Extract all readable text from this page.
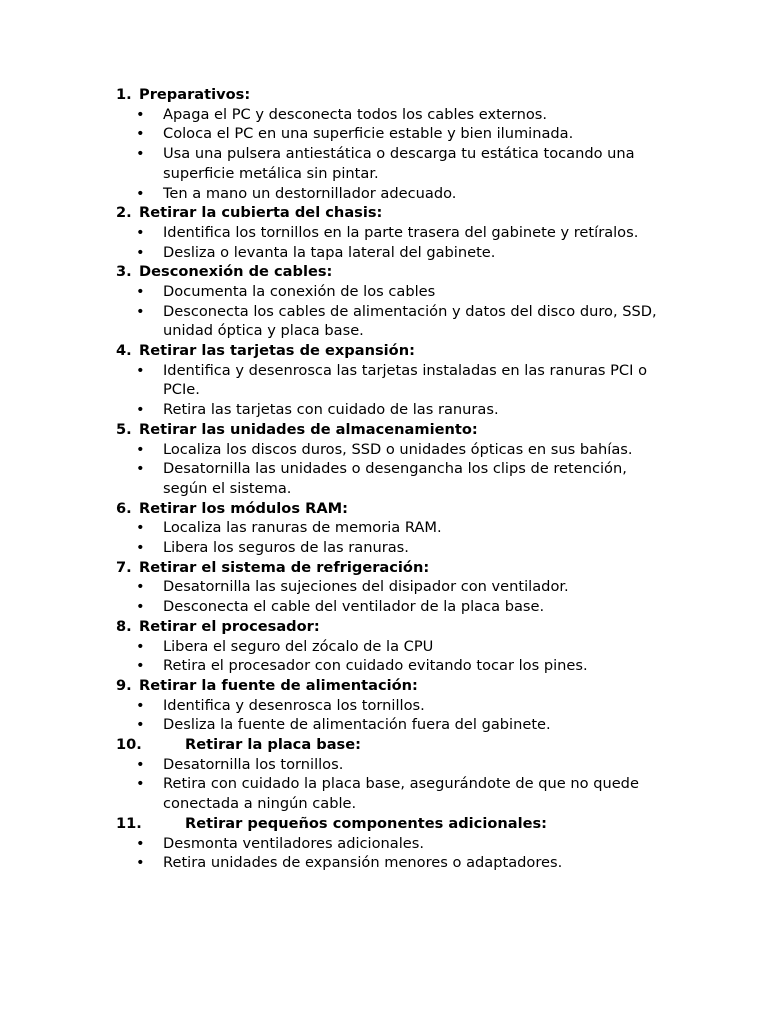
1. Preparativos:
• Apaga el PC y desconecta todos los cables externos.
• Coloca el PC en una superficie estable y bien iluminada.
• Usa una pulsera antiestática o descarga tu estática tocando una superficie metálica sin pintar.
• Ten a mano un destornillador adecuado.
2. Retirar la cubierta del chasis:
• Identifica los tornillos en la parte trasera del gabinete y retíralos.
• Desliza o levanta la tapa lateral del gabinete.
3. Desconexión de cables:
• Documenta la conexión de los cables
• Desconecta los cables de alimentación y datos del disco duro, SSD, unidad óptica y placa base.
4. Retirar las tarjetas de expansión:
• Identifica y desenrosca las tarjetas instaladas en las ranuras PCI o PCIe.
• Retira las tarjetas con cuidado de las ranuras.
5. Retirar las unidades de almacenamiento:
• Localiza los discos duros, SSD o unidades ópticas en sus bahías.
• Desatornilla las unidades o desengancha los clips de retención, según el sistema.
6. Retirar los módulos RAM:
• Localiza las ranuras de memoria RAM.
• Libera los seguros de las ranuras.
7. Retirar el sistema de refrigeración:
• Desatornilla las sujeciones del disipador con ventilador.
• Desconecta el cable del ventilador de la placa base.
8. Retirar el procesador:
• Libera el seguro del zócalo de la CPU
• Retira el procesador con cuidado evitando tocar los pines.
9. Retirar la fuente de alimentación:
• Identifica y desenrosca los tornillos.
• Desliza la fuente de alimentación fuera del gabinete.
10.	Retirar la placa base:
• Desatornilla los tornillos.
• Retira con cuidado la placa base, asegurándote de que no quede conectada a ningún cable.
11.	Retirar pequeños componentes adicionales:
• Desmonta ventiladores adicionales.
• Retira unidades de expansión menores o adaptadores.
